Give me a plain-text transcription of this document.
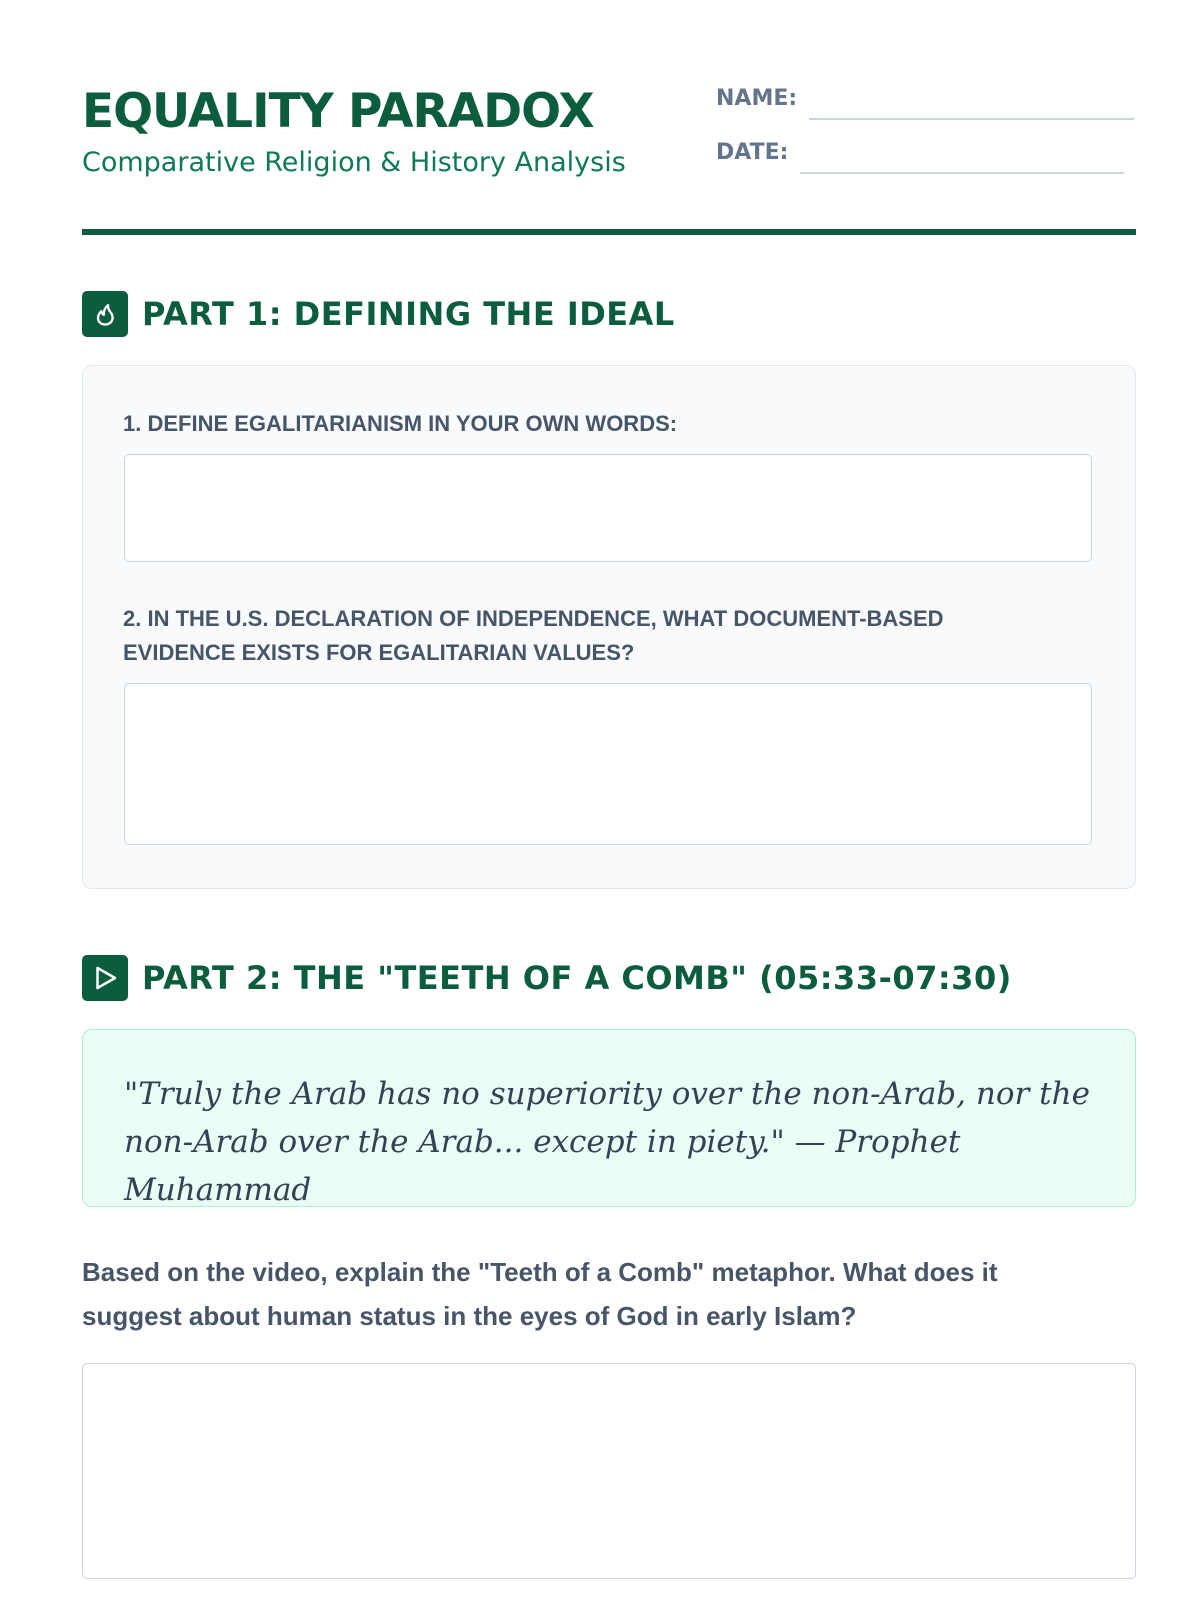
EQUALITY PARADOX
Comparative Religion & History Analysis
NAME:
DATE:
PART 1: DEFINING THE IDEAL

1. DEFINE EGALITARIANISM IN YOUR OWN WORDS:

2. IN THE U.S. DECLARATION OF INDEPENDENCE, WHAT DOCUMENT-BASED

EVIDENCE EXISTS FOR EGALITARIAN VALUES?

PART 2: THE "TEETH OF A COMB" (05:33-07:30)

"Truly the Arab has no superiority over the non-Arab, nor the
non-Arab over the Arab... except in piety." — Prophet Muhammad

Based on the video, explain the "Teeth of a Comb" metaphor. What does it
suggest about human status in the eyes of God in early Islam?
